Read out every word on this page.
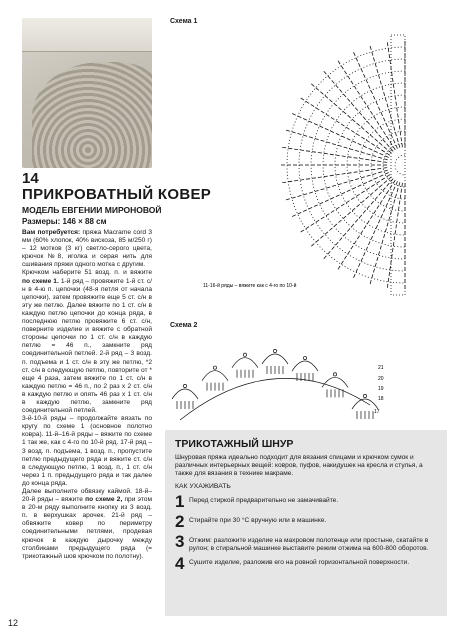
14
ПРИКРОВАТНЫЙ КОВЕР
МОДЕЛЬ ЕВГЕНИИ МИРОНОВОЙ
Размеры: 146 × 88 см

Вам потребуется: пряжа Macrame cord 3 мм (60% хлопок, 40% вискоза, 85 м/250 г) – 12 мотков (3 кг) светло-серого цвета, крючок №8, иголка и серая нить для сшивания пряжи одного мотка с другим.

Крючком наберите 51 возд. п. и вяжите по схеме 1. 1-й ряд – провяжите 1-й ст. с/н в 4-ю п. цепочки (48-я петля от начала цепочки), затем провяжите еще 5 ст. с/н в эту же петлю. Далее вяжите по 1 ст. с/н в каждую петлю цепочки до конца ряда, в последнюю петлю провяжите 6 ст. с/н, поверните изделие и вяжите с обратной стороны цепочки по 1 ст. с/н в каждую петлю = 46 п., замкните ряд соединительной петлей. 2-й ряд – 3 возд. п. подъема и 1 ст. с/н в эту же петлю, *2 ст. с/н в следующую петлю, повторите от * еще 4 раза, затем вяжите по 1 ст. с/н в каждую петлю = 46 п., по 2 раз х 2 ст. с/н в каждую петлю и опять 46 раз х 1 ст. с/н в каждую петлю, замкните ряд соединительной петлей.

3-й-10-й ряды – продолжайте вязать по кругу по схеме 1 (основное полотно ковра). 11-й–16-й ряды – вяжите по схеме 1 так же, как с 4-го по 10-й ряд. 17-й ряд – 3 возд. п. подъема, 1 возд. п., пропустите петлю предыдущего ряда и вяжите ст. с/н в следующую петлю, 1 возд. п., 1 ст. с/н через 1 п. предыдущего ряда и так далее до конца ряда.

Далее выполните обвязку каймой. 18-й–20-й ряды – вяжите по схеме 2, при этом в 20-м ряду выполните кнопку из 3 возд. п. в верхушках арочек. 21-й ряд – обвяжите ковер по периметру соединительными петлями, продевая крючок в каждую дырочку между столбиками предыдущего ряда (= трикотажный шов крючком по полотну).

Схема 1
11-16-й ряды – вяжите как с 4-го по 10-й
Схема 2
21
20
19
18
17
ТРИКОТАЖНЫЙ ШНУР
Шнуровая пряжа идеально подходит для вязания спицами и крючком сумок и различных интерьерных вещей: ковров, пуфов, накидушек на кресла и стулья, а также для вязания в технике макраме.
КАК УХАЖИВАТЬ
1 Перед стиркой предварительно не замачивайте.
2 Стирайте при 30 °С вручную или в машинке.
3 Отжим: разложите изделие на махровом полотенце или простыне, скатайте в рулон; в стиральной машинке выставите режим отжима на 600-800 оборотов.
4 Сушите изделие, разложив его на ровной горизонтальной поверхности.
12
